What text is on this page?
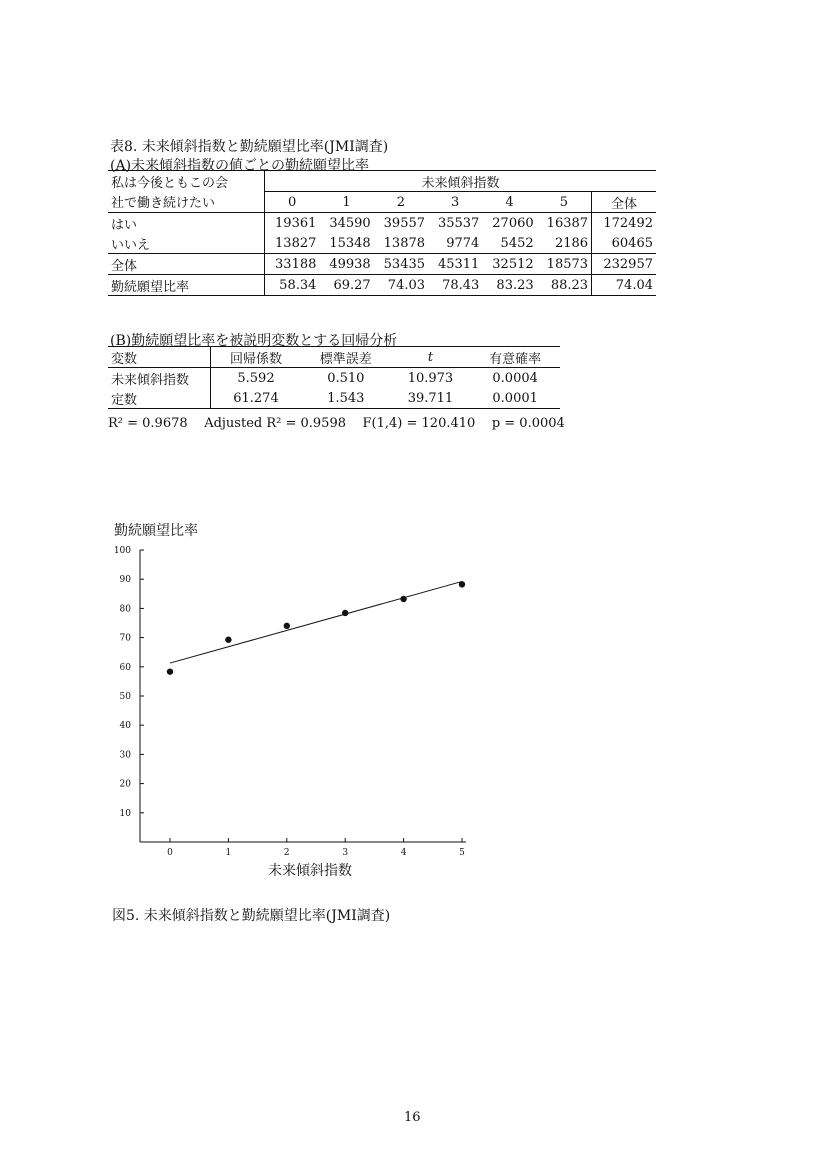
表8. 未来傾斜指数と勤続願望比率(JMI調査)
(A)未来傾斜指数の値ごとの勤続願望比率
私は今後ともこの会	未来傾斜指数						
社で働き続けたい	0	1	2	3	4	5	全体
はい	19361	34590	39557	35537	27060	16387	172492
いいえ	13827	15348	13878	9774	5452	2186	60465
全体	33188	49938	53435	45311	32512	18573	232957
勤続願望比率	58.34	69.27	74.03	78.43	83.23	88.23	74.04
(B)勤続願望比率を被説明変数とする回帰分析
変数	回帰係数	標準誤差	t	有意確率
未来傾斜指数	5.592	0.510	10.973	0.0004
定数	61.274	1.543	39.711	0.0001
R² = 0.9678 Adjusted R² = 0.9598 F(1,4) = 120.410 p = 0.0004
勤続願望比率
10
20
30
40
50
60
70
80
90
100
0	1	2	3	4	5
未来傾斜指数
図5. 未来傾斜指数と勤続願望比率(JMI調査)
16
